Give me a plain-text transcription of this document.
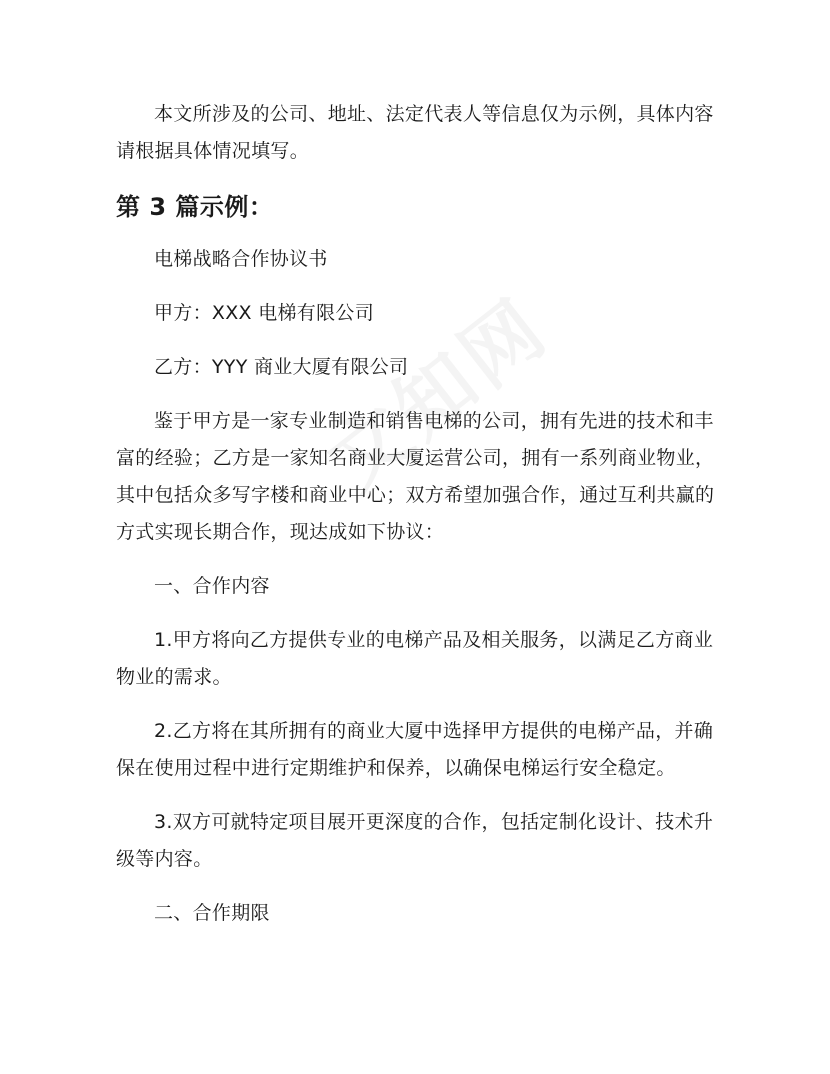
本文所涉及的公司、地址、法定代表人等信息仅为示例，具体内容请根据具体情况填写。

第 3 篇示例：

电梯战略合作协议书

甲方：XXX 电梯有限公司

乙方：YYY 商业大厦有限公司

鉴于甲方是一家专业制造和销售电梯的公司，拥有先进的技术和丰富的经验；乙方是一家知名商业大厦运营公司，拥有一系列商业物业，其中包括众多写字楼和商业中心；双方希望加强合作，通过互利共赢的方式实现长期合作，现达成如下协议：

一、合作内容

1.甲方将向乙方提供专业的电梯产品及相关服务，以满足乙方商业物业的需求。

2.乙方将在其所拥有的商业大厦中选择甲方提供的电梯产品，并确保在使用过程中进行定期维护和保养，以确保电梯运行安全稳定。

3.双方可就特定项目展开更深度的合作，包括定制化设计、技术升级等内容。

二、合作期限
